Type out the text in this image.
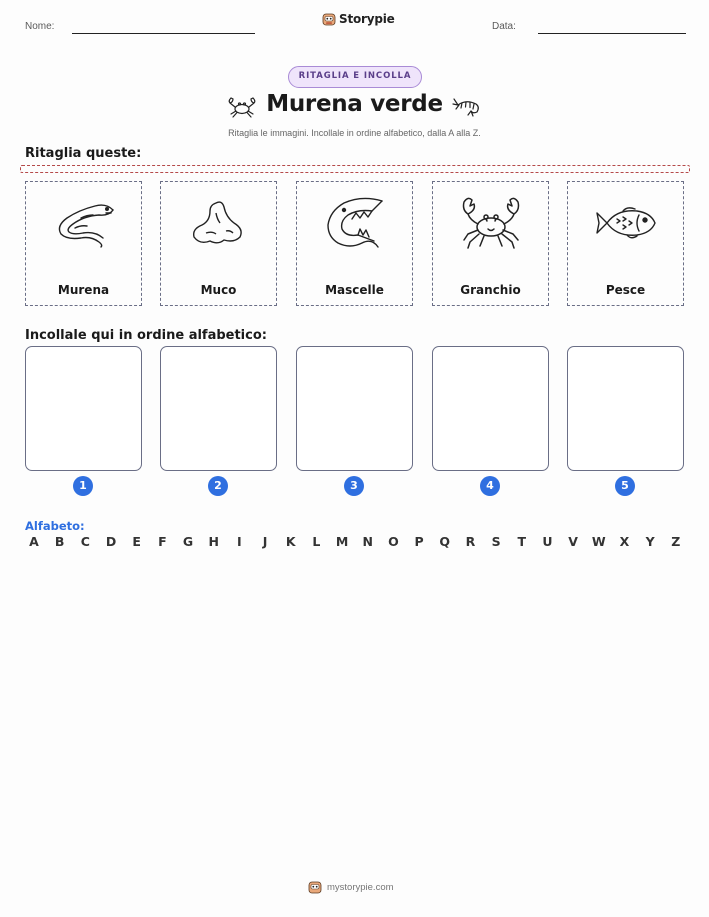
Nome:
Storypie
Data:
RITAGLIA E INCOLLA
Murena verde
Ritaglia le immagini. Incollale in ordine alfabetico, dalla A alla Z.
Ritaglia queste:
Murena	Muco	Mascelle	Granchio	Pesce
Incollale qui in ordine alfabetico:
1	2	3	4	5
Alfabeto:
A	B	C	D	E	F	G	H	I	J	K	L	M	N	O	P	Q	R	S	T	U	V	W	X	Y	Z
mystorypie.com
